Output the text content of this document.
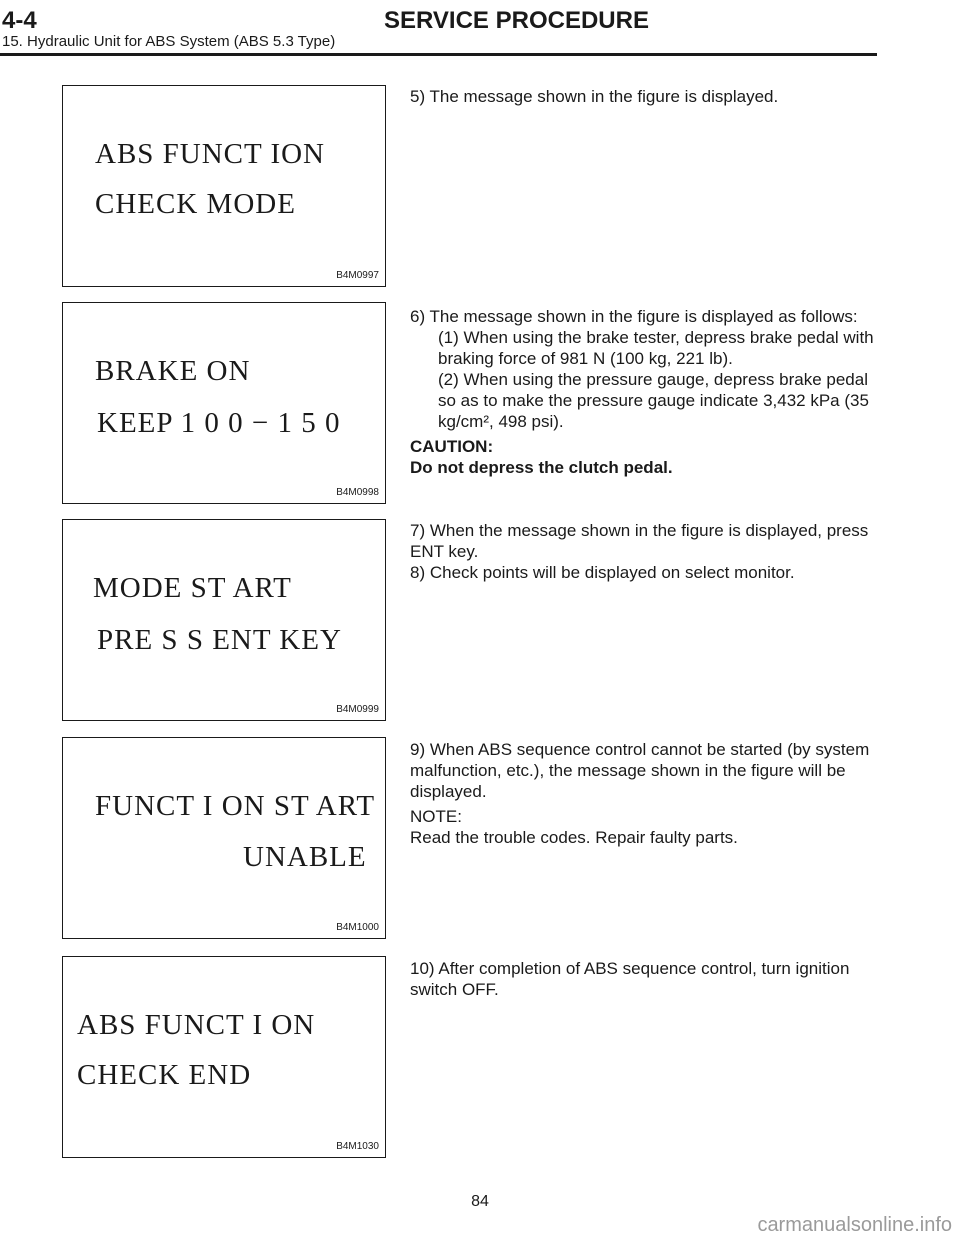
4-4	SERVICE PROCEDURE
15. Hydraulic Unit for ABS System (ABS 5.3 Type)
ABS FUNCT ION
CHECK MODE
B4M0997
BRAKE ON
KEEP 1 0 0 − 1 5 0
B4M0998
MODE ST ART
PRE S S ENT KEY
B4M0999
FUNCT I ON ST ART
UNABLE
B4M1000
ABS FUNCT I ON
CHECK END
B4M1030

5) The message shown in the figure is displayed.

6) The message shown in the figure is displayed as follows:

(1) When using the brake tester, depress brake pedal with braking force of 981 N (100 kg, 221 lb).

(2) When using the pressure gauge, depress brake pedal so as to make the pressure gauge indicate 3,432 kPa (35 kg/cm², 498 psi).

CAUTION:

Do not depress the clutch pedal.

7) When the message shown in the figure is displayed, press ENT key.

8) Check points will be displayed on select monitor.

9) When ABS sequence control cannot be started (by system malfunction, etc.), the message shown in the figure will be displayed.

NOTE:

Read the trouble codes. Repair faulty parts.

10) After completion of ABS sequence control, turn ignition switch OFF.

84
carmanualsonline.info
